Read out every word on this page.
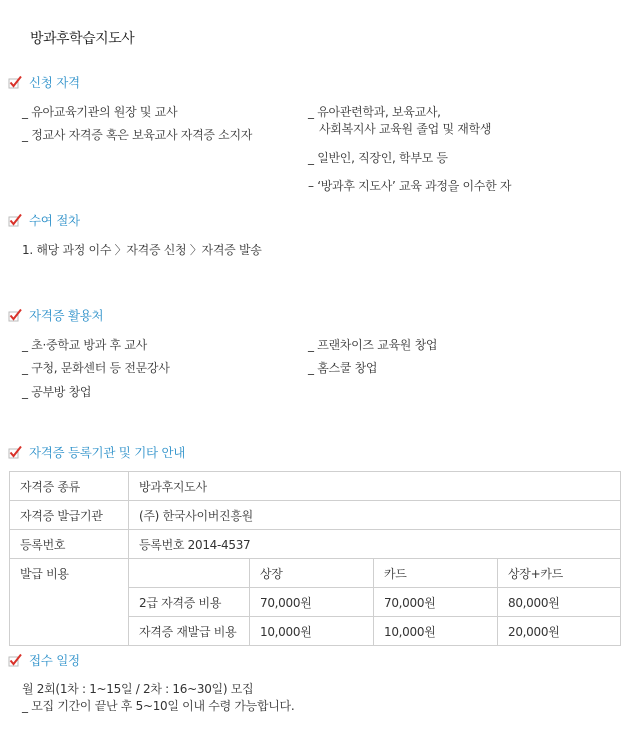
방과후학습지도사
신청 자격
_ 유아교육기관의 원장 및 교사
_ 정교사 자격증 혹은 보육교사 자격증 소지자
_ 유아관련학과, 보육교사,
사회복지사 교육원 졸업 및 재학생
_ 일반인, 직장인, 학부모 등
– ‘방과후 지도사’ 교육 과정을 이수한 자
수여 절차
1. 해당 과정 이수 〉자격증 신청 〉자격증 발송
자격증 활용처
_ 초·중학교 방과 후 교사
_ 구청, 문화센터 등 전문강사
_ 공부방 창업
_ 프랜차이즈 교육원 창업
_ 홈스쿨 창업
자격증 등록기관 및 기타 안내
자격증 종류	방과후지도사			
자격증 발급기관	(주) 한국사이버진흥원			
등록번호	등록번호 2014-4537			
발급 비용		상장	카드	상장+카드
	2급 자격증 비용	70,000원	70,000원	80,000원
	자격증 재발급 비용	10,000원	10,000원	20,000원
접수 일정
월 2회(1차 : 1~15일 / 2차 : 16~30일) 모집
_ 모집 기간이 끝난 후 5~10일 이내 수령 가능합니다.
